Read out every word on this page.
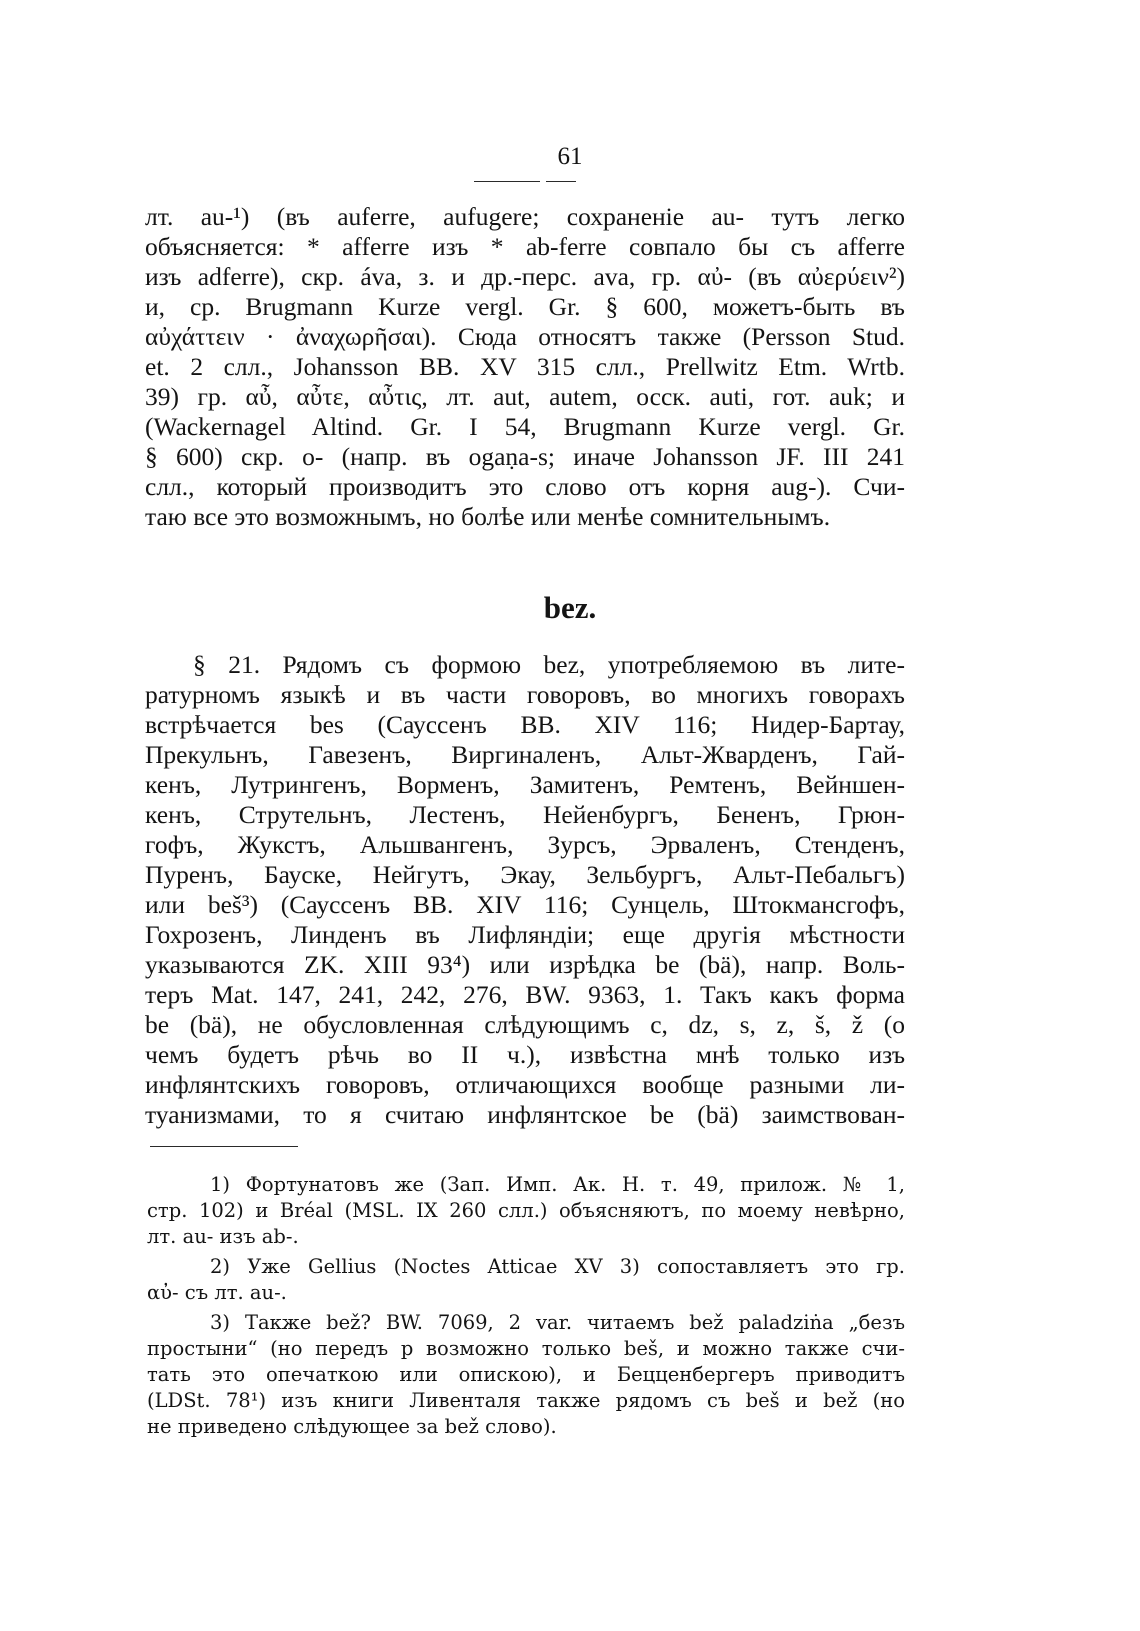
61
лт. au-¹) (въ auferre, aufugere; сохраненіе au- тутъ легко
объясняется: * afferre изъ * ab-ferre совпало бы съ afferre
изъ adferre), скр. áva, з. и др.-перс. ava, гр. αὐ- (въ αὐερύειν²)
и, ср. Brugmann Kurze vergl. Gr. § 600, можетъ-быть въ
αὐχάττειν · ἀναχωρῆσαι). Сюда относятъ также (Persson Stud.
et. 2 слл., Johansson BB. XV 315 слл., Prellwitz Etm. Wrtb.
39) гр. αὖ, αὖτε, αὖτις, лт. aut, autem, осск. auti, гот. auk; и
(Wackernagel Altind. Gr. I 54, Brugmann Kurze vergl. Gr.
§ 600) скр. o- (напр. въ ogaṇa-s; иначе Johansson JF. III 241
слл., который производитъ это слово отъ корня aug-). Счи-
таю все это возможнымъ, но болѣе или менѣе сомнительнымъ.
bez.
§ 21. Рядомъ съ формою bez, употребляемою въ лите-
ратурномъ языкѣ и въ части говоровъ, во многихъ говорахъ
встрѣчается bes (Сауссенъ BB. XIV 116; Нидер-Бартау,
Прекульнъ, Гавезенъ, Виргиналенъ, Альт-Жварденъ, Гай-
кенъ, Лутрингенъ, Ворменъ, Замитенъ, Ремтенъ, Вейншен-
кенъ, Струтельнъ, Лестенъ, Нейенбургъ, Бененъ, Грюн-
гофъ, Жукстъ, Альшвангенъ, Зурсъ, Эрваленъ, Стенденъ,
Пуренъ, Бауске, Нейгутъ, Экау, Зельбургъ, Альт-Пебальгъ)
или beš³) (Сауссенъ BB. XIV 116; Сунцель, Штокмансгофъ,
Гохрозенъ, Линденъ въ Лифляндіи; еще другія мѣстности
указываются ZK. XIII 93⁴) или изрѣдка be (bä), напр. Воль-
теръ Mat. 147, 241, 242, 276, BW. 9363, 1. Такъ какъ форма
be (bä), не обусловленная слѣдующимъ c, dz, s, z, š, ž (о
чемъ будетъ рѣчь во II ч.), извѣстна мнѣ только изъ
инфлянтскихъ говоровъ, отличающихся вообще разными ли-
туанизмами, то я считаю инфлянтское be (bä) заимствован-
1) Фортунатовъ же (Зап. Имп. Ак. Н. т. 49, прилож. № 1,
стр. 102) и Bréal (MSL. IX 260 слл.) объясняютъ, по моему невѣрно,
лт. au- изъ ab-.
2) Уже Gellius (Noctes Atticae XV 3) сопоставляетъ это гр.
αὐ- съ лт. au-.
3) Также bež? BW. 7069, 2 var. читаемъ bež paladziṅa „безъ
простыни“ (но передъ p возможно только beš, и можно также счи-
тать это опечаткою или опискою), и Бецценбергеръ приводитъ
(LDSt. 78¹) изъ книги Ливенталя также рядомъ съ beš и bež (но
не приведено слѣдующее за bež слово).
